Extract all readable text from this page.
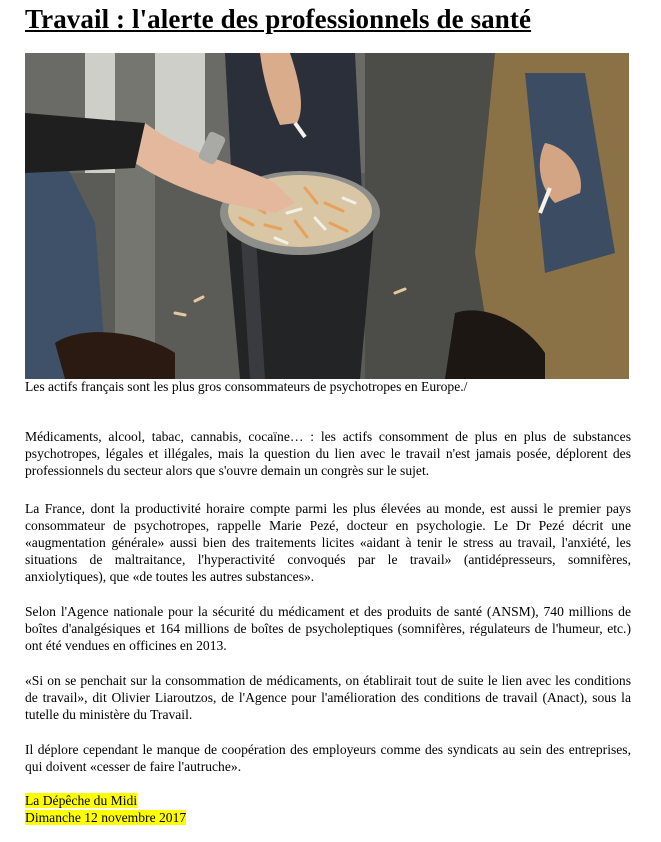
Travail : l'alerte des professionnels de santé
Les actifs français sont les plus gros consommateurs de psychotropes en Europe./

Médicaments, alcool, tabac, cannabis, cocaïne… : les actifs consomment de plus en plus de substances psychotropes, légales et illégales, mais la question du lien avec le travail n'est jamais posée, déplorent des professionnels du secteur alors que s'ouvre demain un congrès sur le sujet.

La France, dont la productivité horaire compte parmi les plus élevées au monde, est aussi le premier pays consommateur de psychotropes, rappelle Marie Pezé, docteur en psychologie. Le Dr Pezé décrit une «augmentation générale» aussi bien des traitements licites «aidant à tenir le stress au travail, l'anxiété, les situations de maltraitance, l'hyperactivité convoqués par le travail» (antidépresseurs, somnifères, anxiolytiques), que «de toutes les autres substances».

Selon l'Agence nationale pour la sécurité du médicament et des produits de santé (ANSM), 740 millions de boîtes d'analgésiques et 164 millions de boîtes de psycholeptiques (somnifères, régulateurs de l'humeur, etc.) ont été vendues en officines en 2013.

«Si on se penchait sur la consommation de médicaments, on établirait tout de suite le lien avec les conditions de travail», dit Olivier Liaroutzos, de l'Agence pour l'amélioration des conditions de travail (Anact), sous la tutelle du ministère du Travail.

Il déplore cependant le manque de coopération des employeurs comme des syndicats au sein des entreprises, qui doivent «cesser de faire l'autruche».

La Dépêche du Midi
Dimanche 12 novembre 2017
